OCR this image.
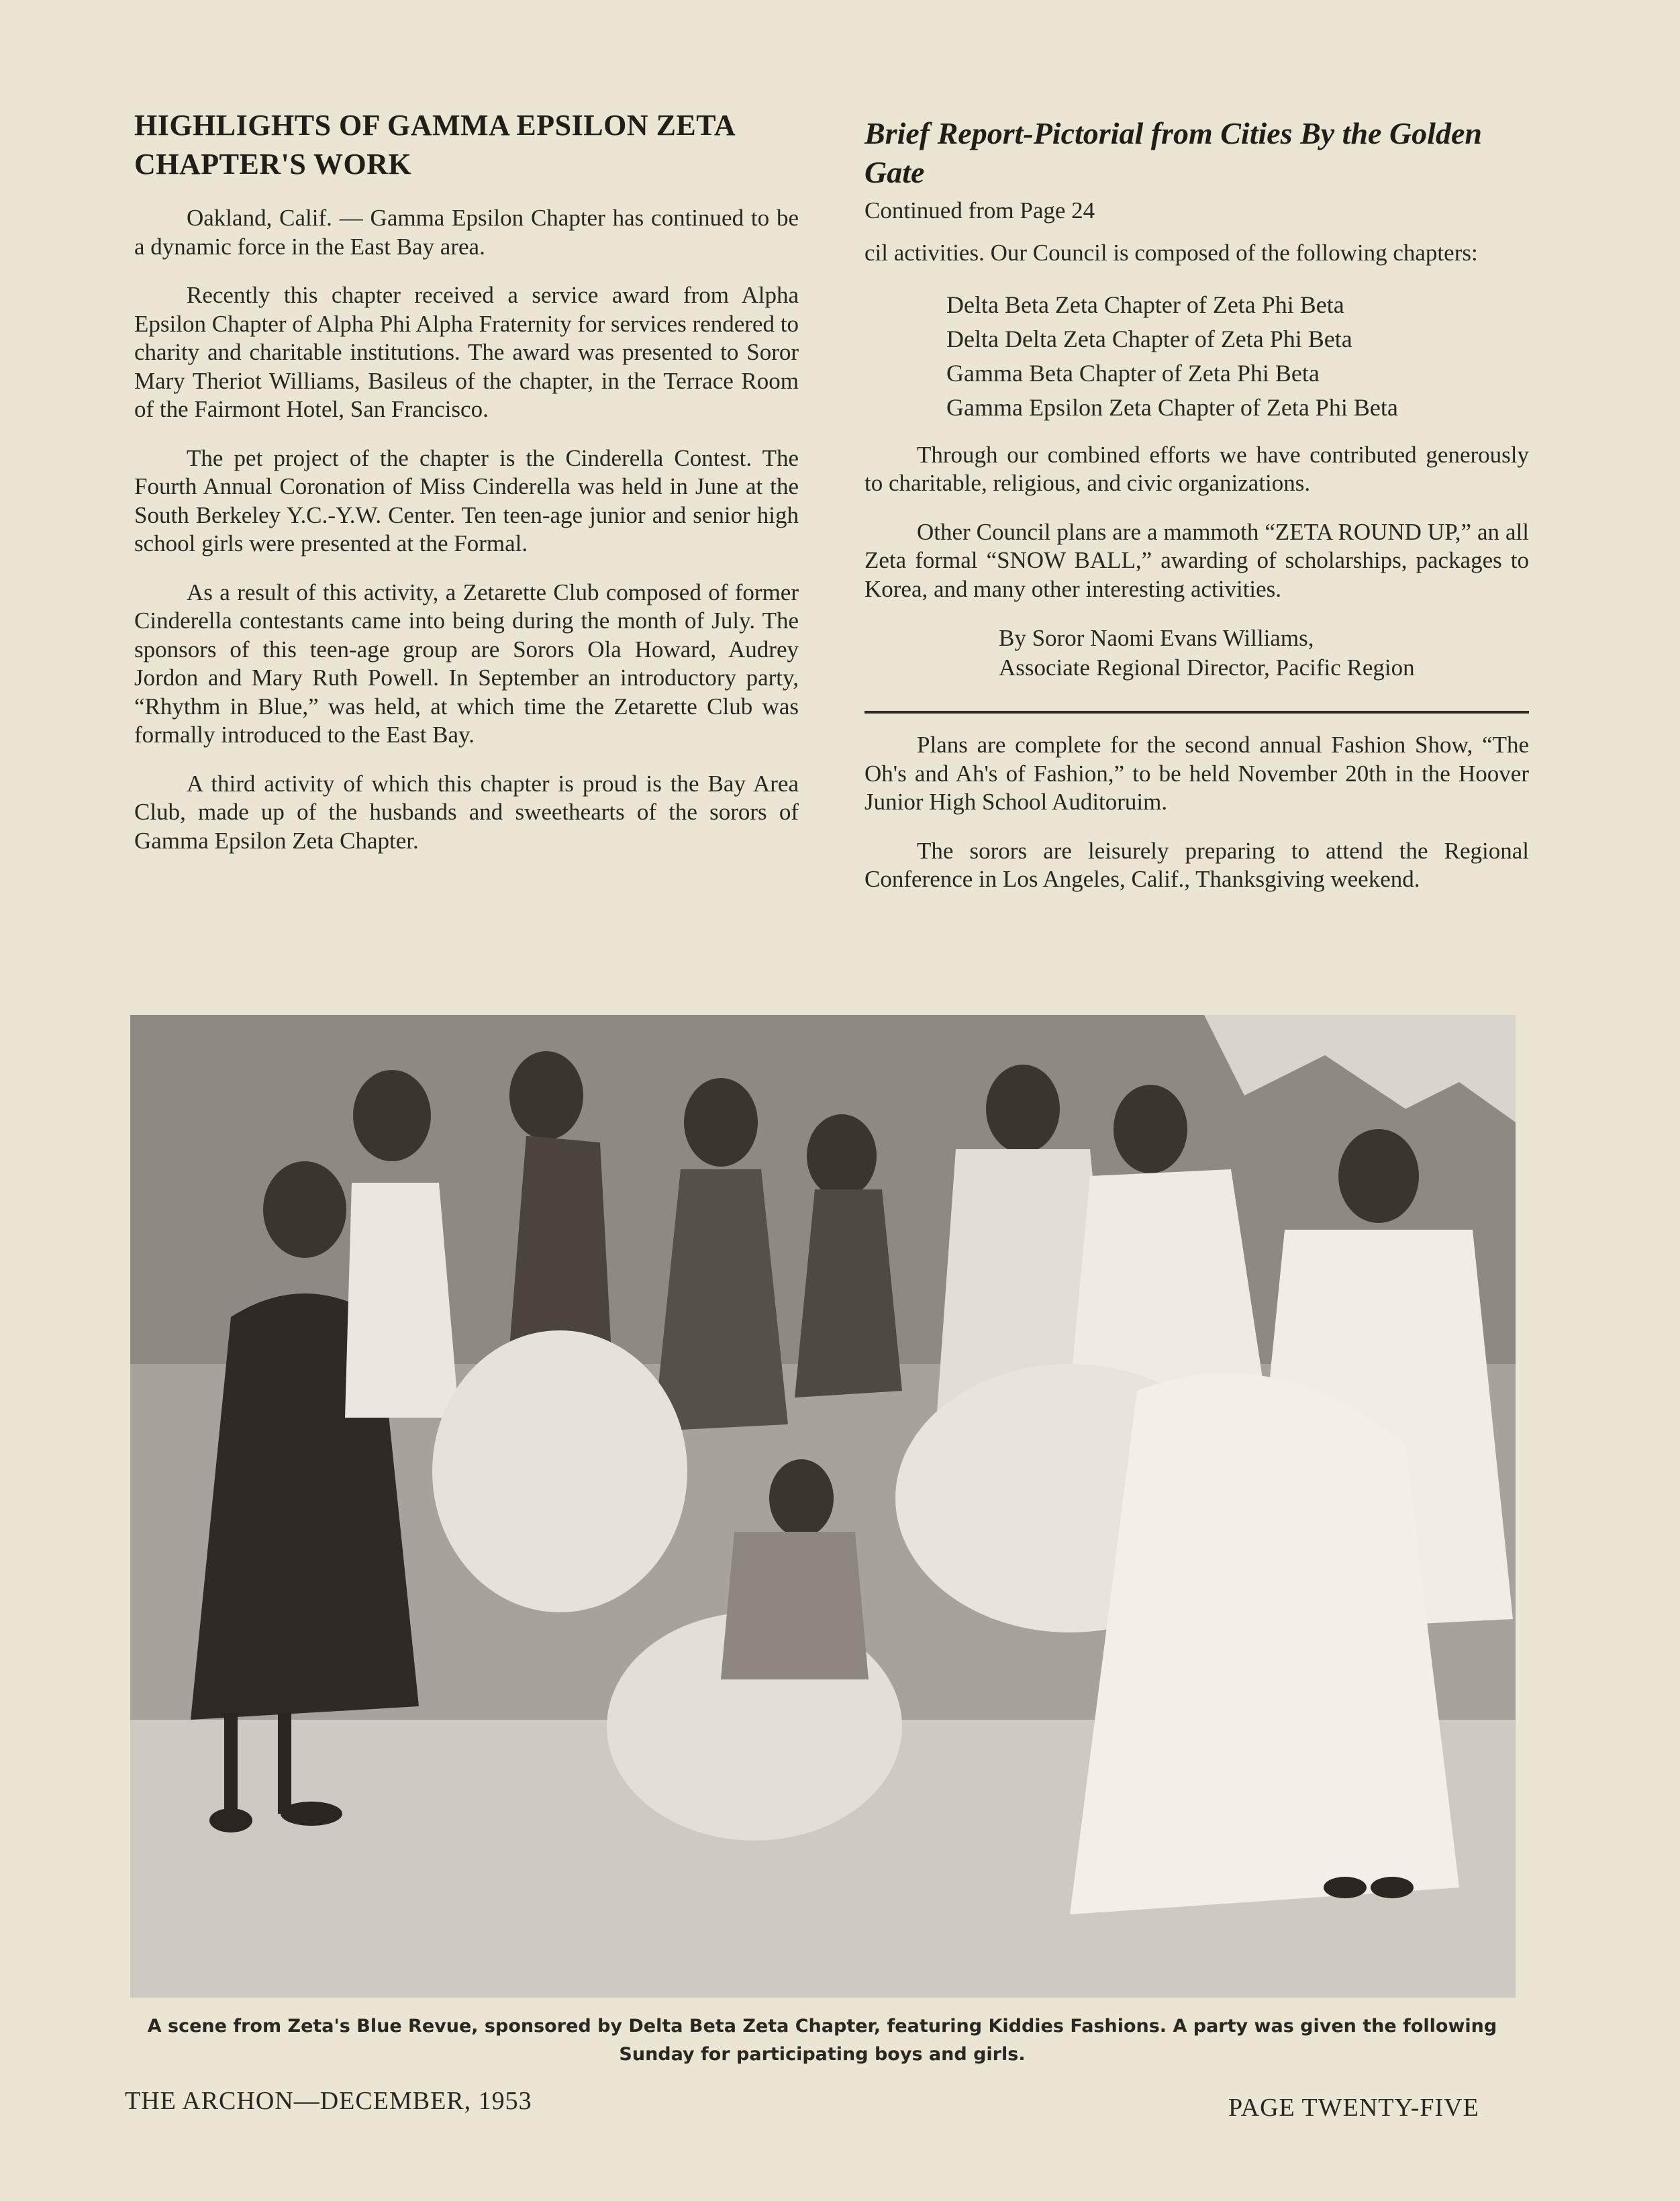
HIGHLIGHTS OF GAMMA EPSILON ZETA CHAPTER'S WORK

Oakland, Calif. — Gamma Epsilon Chapter has continued to be a dynamic force in the East Bay area.

Recently this chapter received a service award from Alpha Epsilon Chapter of Alpha Phi Alpha Fraternity for services rendered to charity and charitable institutions. The award was presented to Soror Mary Theriot Williams, Basileus of the chapter, in the Terrace Room of the Fairmont Hotel, San Francisco.

The pet project of the chapter is the Cinderella Contest. The Fourth Annual Coronation of Miss Cinderella was held in June at the South Berkeley Y.C.-Y.W. Center. Ten teen-age junior and senior high school girls were presented at the Formal.

As a result of this activity, a Zetarette Club composed of former Cinderella contestants came into being during the month of July. The sponsors of this teen-age group are Sorors Ola Howard, Audrey Jordon and Mary Ruth Powell. In September an introductory party, “Rhythm in Blue,” was held, at which time the Zetarette Club was formally introduced to the East Bay.

A third activity of which this chapter is proud is the Bay Area Club, made up of the husbands and sweethearts of the sorors of Gamma Epsilon Zeta Chapter.

Brief Report-Pictorial from Cities By the Golden Gate
Continued from Page 24

cil activities. Our Council is composed of the following chapters:

Delta Beta Zeta Chapter of Zeta Phi Beta
Delta Delta Zeta Chapter of Zeta Phi Beta
Gamma Beta Chapter of Zeta Phi Beta
Gamma Epsilon Zeta Chapter of Zeta Phi Beta

Through our combined efforts we have contributed generously to charitable, religious, and civic organizations.

Other Council plans are a mammoth “ZETA ROUND UP,” an all Zeta formal “SNOW BALL,” awarding of scholarships, packages to Korea, and many other interesting activities.

By Soror Naomi Evans Williams,
Associate Regional Director, Pacific Region

Plans are complete for the second annual Fashion Show, “The Oh's and Ah's of Fashion,” to be held November 20th in the Hoover Junior High School Auditoruim.

The sorors are leisurely preparing to attend the Regional Conference in Los Angeles, Calif., Thanksgiving weekend.

A scene from Zeta's Blue Revue, sponsored by Delta Beta Zeta Chapter, featuring Kiddies Fashions. A party was given the following Sunday for participating boys and girls.
THE ARCHON—DECEMBER, 1953	PAGE TWENTY-FIVE
